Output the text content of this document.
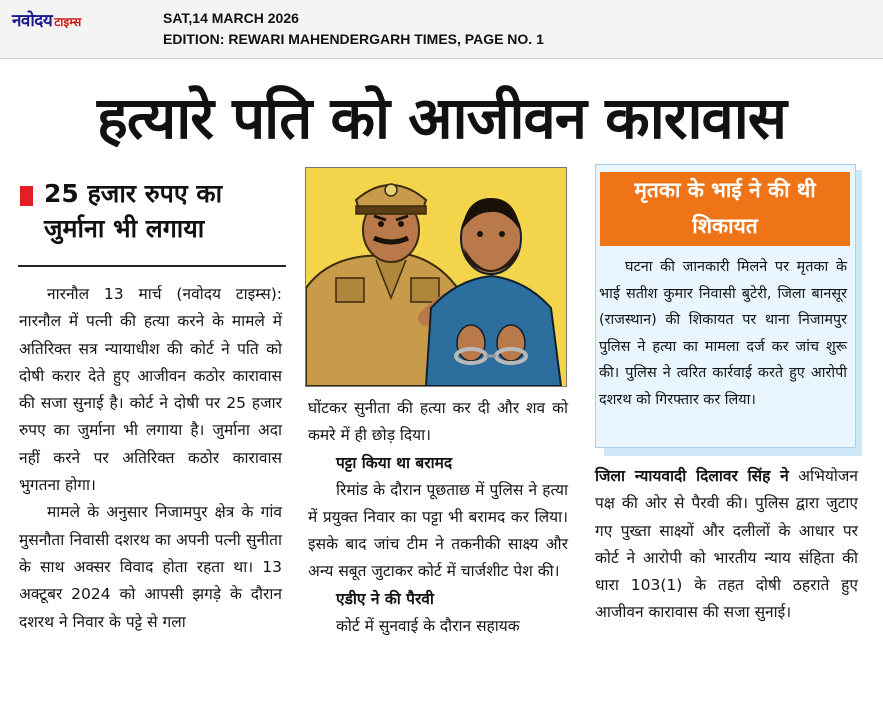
नवोदय टाइम्स	SAT,14 MARCH 2026
EDITION: REWARI MAHENDERGARH TIMES, PAGE NO. 1
हत्यारे पति को आजीवन कारावास
25 हजार रुपए का
जुर्माना भी लगाया

नारनौल 13 मार्च (नवोदय टाइम्स): नारनौल में पत्नी की हत्या करने के मामले में अतिरिक्त सत्र न्यायाधीश की कोर्ट ने पति को दोषी करार देते हुए आजीवन कठोर कारावास की सजा सुनाई है। कोर्ट ने दोषी पर 25 हजार रुपए का जुर्माना भी लगाया है। जुर्माना अदा नहीं करने पर अतिरिक्त कठोर कारावास भुगतना होगा।

मामले के अनुसार निजामपुर क्षेत्र के गांव मुसनौता निवासी दशरथ का अपनी पत्नी सुनीता के साथ अक्सर विवाद होता रहता था। 13 अक्टूबर 2024 को आपसी झगड़े के दौरान दशरथ ने निवार के पट्टे से गला

घोंटकर सुनीता की हत्या कर दी और शव को कमरे में ही छोड़ दिया।

पट्टा किया था बरामद

रिमांड के दौरान पूछताछ में पुलिस ने हत्या में प्रयुक्त निवार का पट्टा भी बरामद कर लिया। इसके बाद जांच टीम ने तकनीकी साक्ष्य और अन्य सबूत जुटाकर कोर्ट में चार्जशीट पेश की।

एडीए ने की पैरवी

कोर्ट में सुनवाई के दौरान सहायक

मृतका के भाई ने की थी शिकायत

घटना की जानकारी मिलने पर मृतका के भाई सतीश कुमार निवासी बुटेरी, जिला बानसूर (राजस्थान) की शिकायत पर थाना निजामपुर पुलिस ने हत्या का मामला दर्ज कर जांच शुरू की। पुलिस ने त्वरित कार्रवाई करते हुए आरोपी दशरथ को गिरफ्तार कर लिया।

जिला न्यायवादी दिलावर सिंह ने अभियोजन पक्ष की ओर से पैरवी की। पुलिस द्वारा जुटाए गए पुख्ता साक्ष्यों और दलीलों के आधार पर कोर्ट ने आरोपी को भारतीय न्याय संहिता की धारा 103(1) के तहत दोषी ठहराते हुए आजीवन कारावास की सजा सुनाई।
